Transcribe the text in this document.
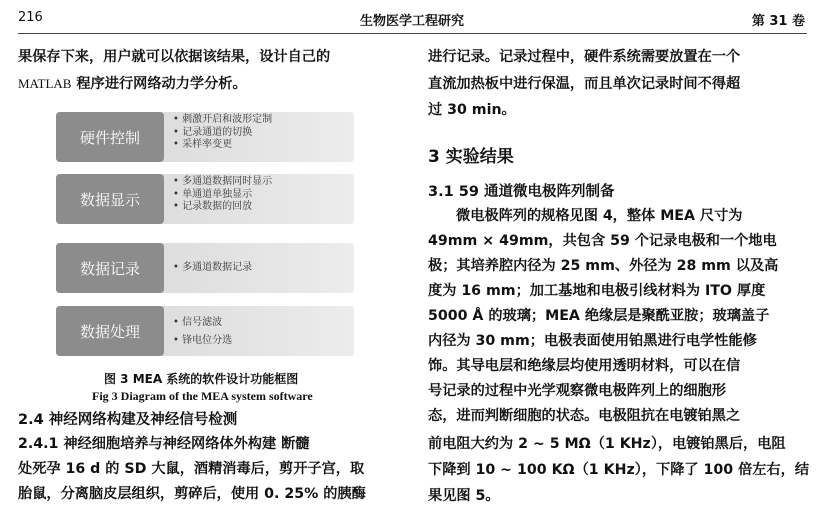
216	生物医学工程研究	第 31 卷
果保存下来，用户就可以依据该结果，设计自己的
MATLAB 程序进行网络动力学分析。
硬件控制
• 刺激开启和波形定制
• 记录通道的切换
• 采样率变更
数据显示
• 多通道数据同时显示
• 单通道单独显示
• 记录数据的回放
数据记录	• 多通道数据记录
数据处理	• 信号滤波
• 锋电位分选
图 3 MEA 系统的软件设计功能框图
Fig 3 Diagram of the MEA system software
2.4 神经网络构建及神经信号检测
2.4.1 神经细胞培养与神经网络体外构建 断髓
处死孕 16 d 的 SD 大鼠，酒精消毒后，剪开子宫，取
胎鼠，分离脑皮层组织，剪碎后，使用 0. 25% 的胰酶
进行记录。记录过程中，硬件系统需要放置在一个
直流加热板中进行保温，而且单次记录时间不得超
过 30 min。
3 实验结果
3.1 59 通道微电极阵列制备
微电极阵列的规格见图 4，整体 MEA 尺寸为
49mm × 49mm，共包含 59 个记录电极和一个地电
极；其培养腔内径为 25 mm、外径为 28 mm 以及高
度为 16 mm；加工基地和电极引线材料为 ITO 厚度
5000 Å 的玻璃；MEA 绝缘层是聚酰亚胺；玻璃盖子
内径为 30 mm；电极表面使用铂黑进行电学性能修
饰。其导电层和绝缘层均使用透明材料，可以在信
号记录的过程中光学观察微电极阵列上的细胞形
态，进而判断细胞的状态。电极阻抗在电镀铂黑之
前电阻大约为 2 ~ 5 MΩ（1 KHz），电镀铂黑后，电阻
下降到 10 ~ 100 KΩ（1 KHz），下降了 100 倍左右，结
果见图 5。
